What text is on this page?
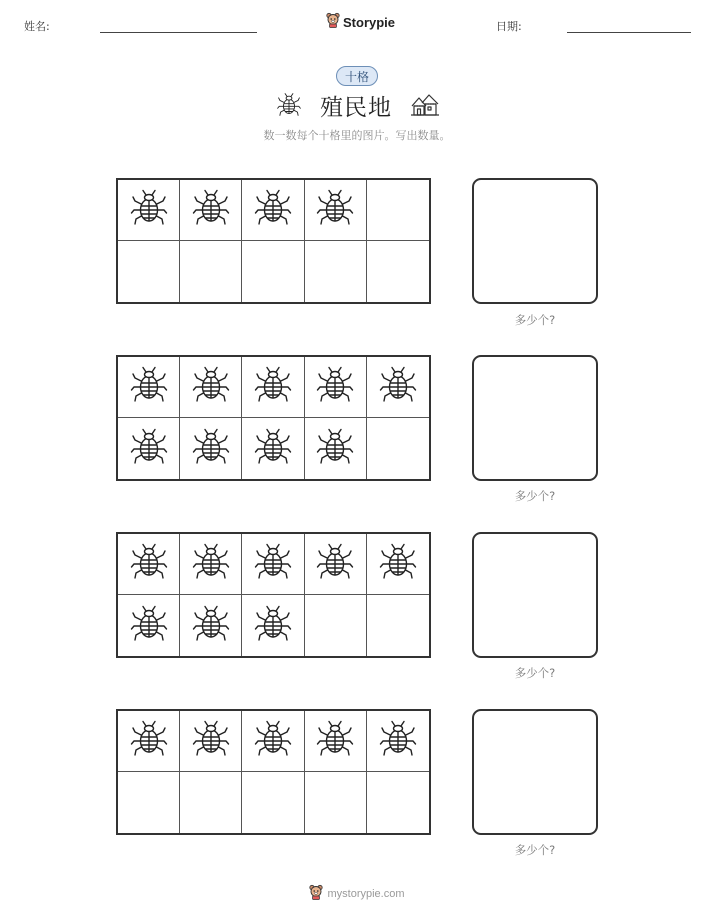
姓名:	Storypie	日期:
十格
殖民地
数一数每个十格里的图片。写出数量。
多少个?
多少个?
多少个?
多少个?
mystorypie.com
